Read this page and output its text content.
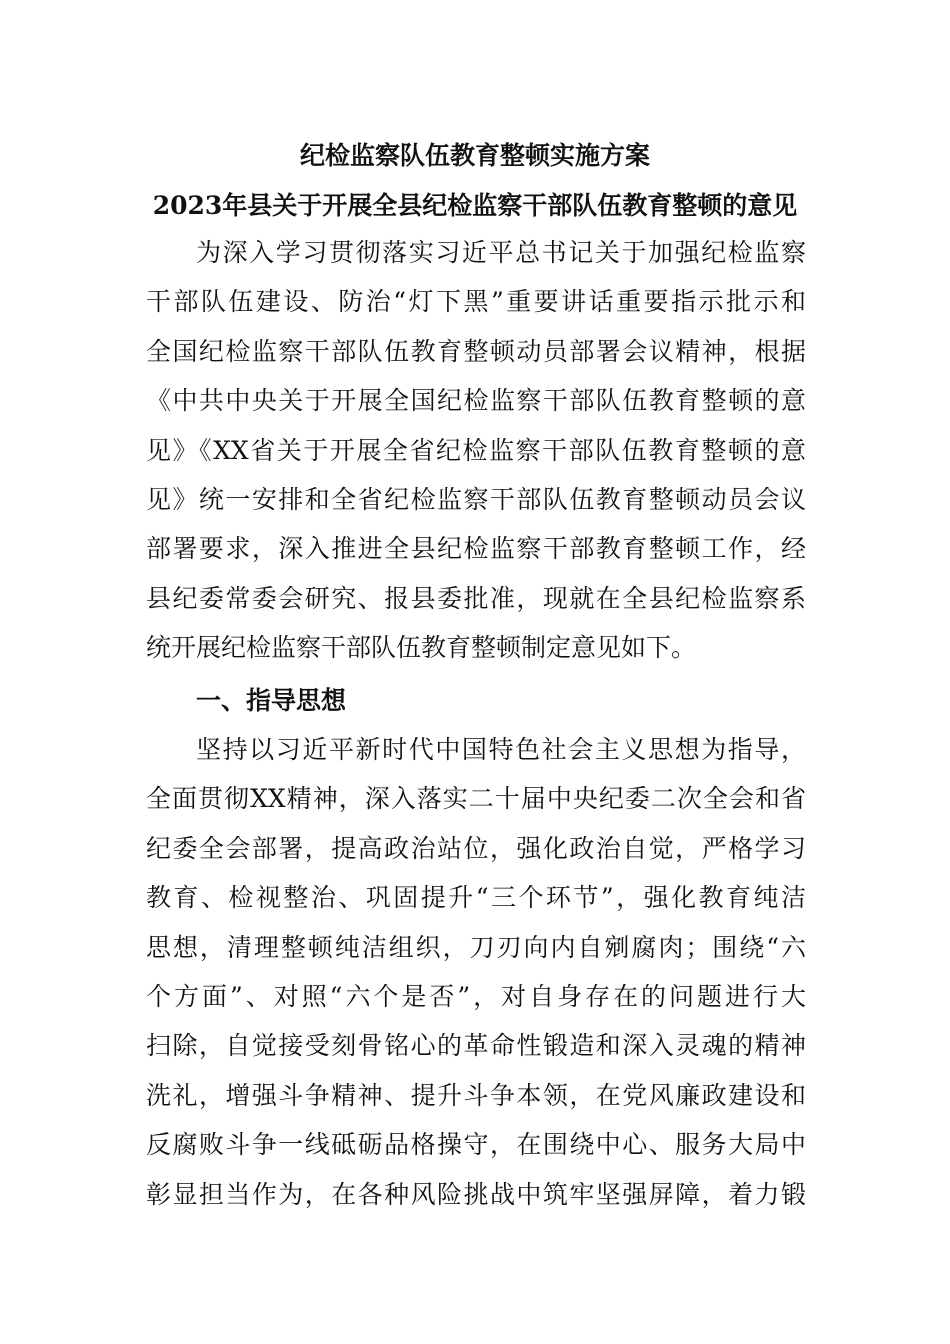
纪检监察队伍教育整顿实施方案
2023年县关于开展全县纪检监察干部队伍教育整顿的意见
为深入学习贯彻落实习近平总书记关于加强纪检监察
干部队伍建设、防治“灯下黑”重要讲话重要指示批示和
全国纪检监察干部队伍教育整顿动员部署会议精神，根据
《中共中央关于开展全国纪检监察干部队伍教育整顿的意
见》《XX省关于开展全省纪检监察干部队伍教育整顿的意
见》统一安排和全省纪检监察干部队伍教育整顿动员会议
部署要求，深入推进全县纪检监察干部教育整顿工作，经
县纪委常委会研究、报县委批准，现就在全县纪检监察系
统开展纪检监察干部队伍教育整顿制定意见如下。
一、指导思想
坚持以习近平新时代中国特色社会主义思想为指导，
全面贯彻XX精神，深入落实二十届中央纪委二次全会和省
纪委全会部署，提高政治站位，强化政治自觉，严格学习
教育、检视整治、巩固提升“三个环节”，强化教育纯洁
思想，清理整顿纯洁组织，刀刃向内自剜腐肉；围绕“六
个方面”、对照“六个是否”，对自身存在的问题进行大
扫除，自觉接受刻骨铭心的革命性锻造和深入灵魂的精神
洗礼，增强斗争精神、提升斗争本领，在党风廉政建设和
反腐败斗争一线砥砺品格操守，在围绕中心、服务大局中
彰显担当作为，在各种风险挑战中筑牢坚强屏障，着力锻
